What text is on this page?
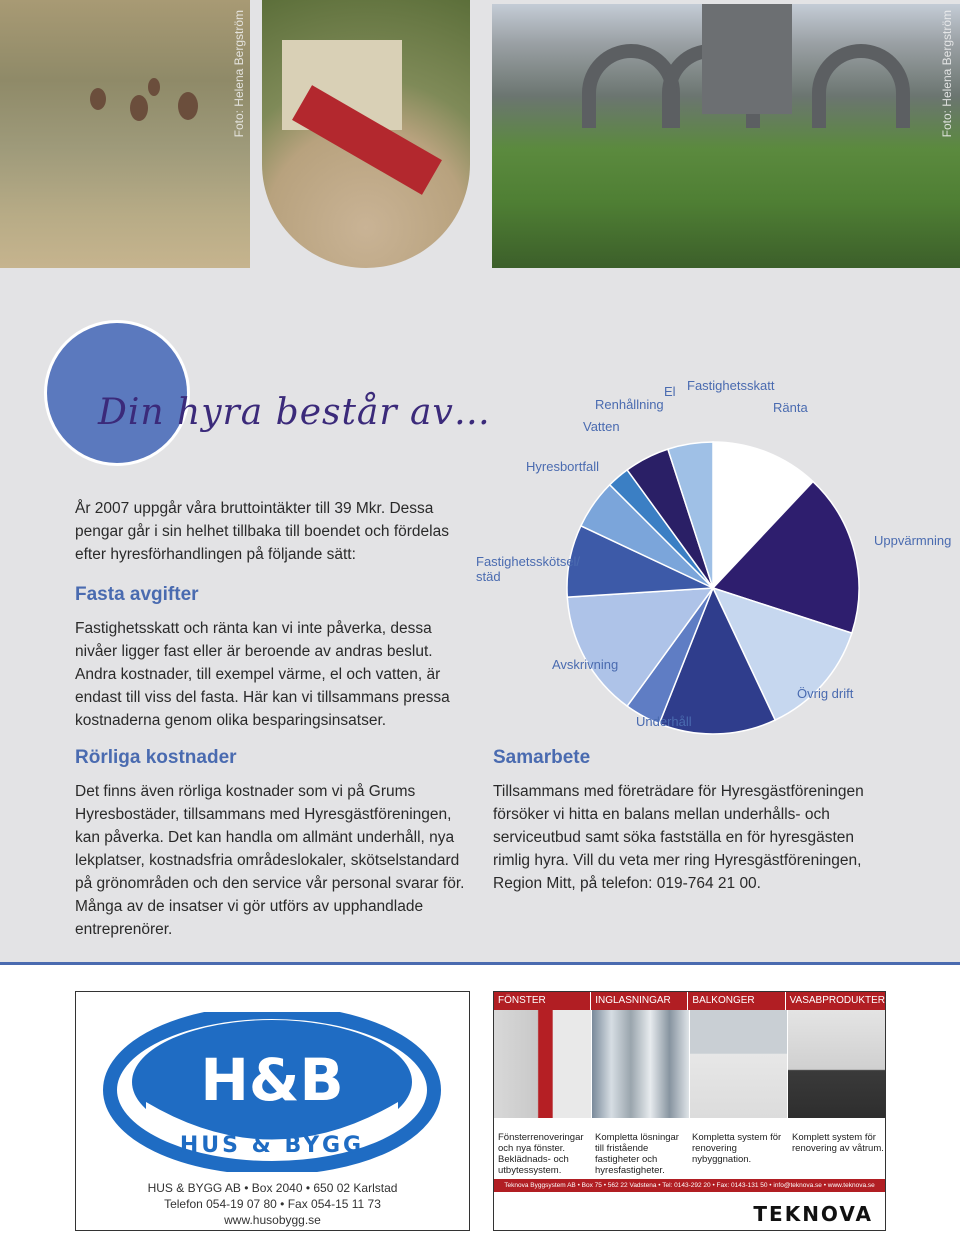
Foto: Helena Bergström	Foto: Helena Bergström
Din hyra består av…
År 2007 uppgår våra bruttointäkter till 39 Mkr. Dessa pengar går i sin helhet tillbaka till boendet och fördelas efter hyresförhandlingen på följande sätt:
Fasta avgifter
Fastighetsskatt och ränta kan vi inte påverka, dessa nivåer ligger fast eller är beroende av andras beslut. Andra kostnader, till exempel värme, el och vatten, är endast till viss del fasta. Här kan vi tillsammans pressa kostnaderna genom olika besparingsinsatser.
Rörliga kostnader
Det finns även rörliga kostnader som vi på Grums Hyresbostäder, tillsammans med Hyresgästföreningen, kan påverka. Det kan handla om allmänt underhåll, nya lekplatser, kostnadsfria områdeslokaler, skötselstandard på grönområden och den service vår personal svarar för. Många av de insatser vi gör utförs av upphandlade entreprenörer.
Samarbete
Tillsammans med företrädare för Hyresgästföreningen försöker vi hitta en balans mellan underhålls- och serviceutbud samt söka fastställa en för hyresgästen rimlig hyra. Vill du veta mer ring Hyresgästföreningen, Region Mitt, på telefon: 019-764 21 00.
Fastighetsskatt
Ränta
El
Renhållning
Vatten
Hyresbortfall
Fastighetsskötsel/ städ
Uppvärmning
Avskrivning
Övrig drift
Underhåll
H&B
HUS & BYGG
HUS & BYGG AB • Box 2040 • 650 02 Karlstad
Telefon 054-19 07 80 • Fax 054-15 11 73
www.husobygg.se
FÖNSTER	INGLASNINGAR	BALKONGER	VASABPRODUKTER
Fönsterrenoveringar och nya fönster. Beklädnads- och utbytessystem.
Kompletta lösningar till fristående fastigheter och hyresfastigheter.
Kompletta system för renovering nybyggnation.
Komplett system för renovering av våtrum.
Teknova Byggsystem AB • Box 75 • 562 22 Vadstena • Tel: 0143-292 20 • Fax: 0143-131 50 • info@teknova.se • www.teknova.se
TEKNOVA
